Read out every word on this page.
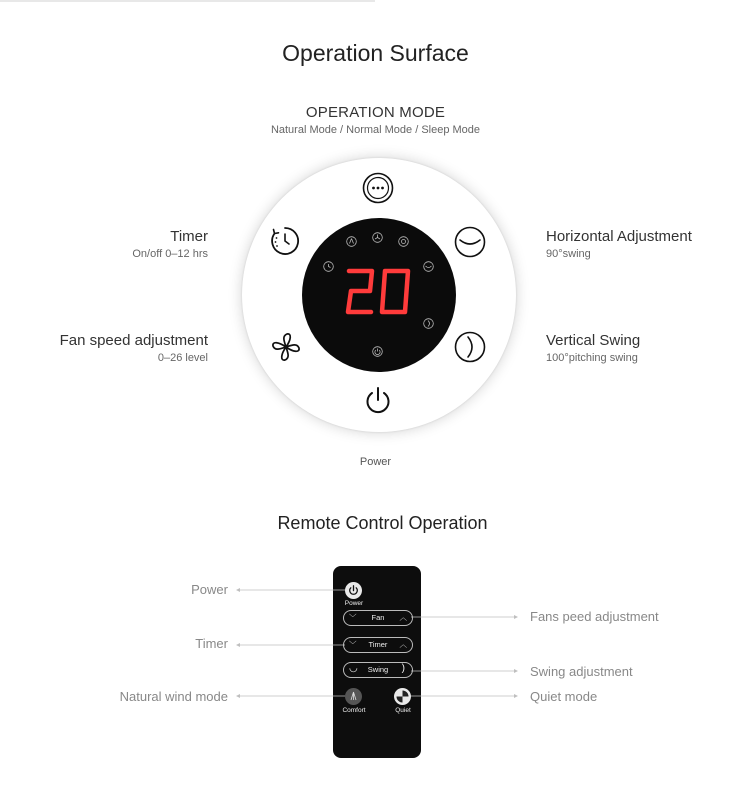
Operation Surface
OPERATION MODE
Natural Mode / Normal Mode / Sleep Mode
Timer
On/off 0–12 hrs
Fan speed adjustment
0–26 level
Horizontal Adjustment
90°swing
Vertical Swing
100°pitching swing
Power
Remote Control Operation
Power
﹀ Fan ︿
﹀ Timer ︿
◡ Swing )
Comfort	Quiet
Power
Timer
Natural wind mode
Fans peed adjustment
Swing adjustment
Quiet mode
